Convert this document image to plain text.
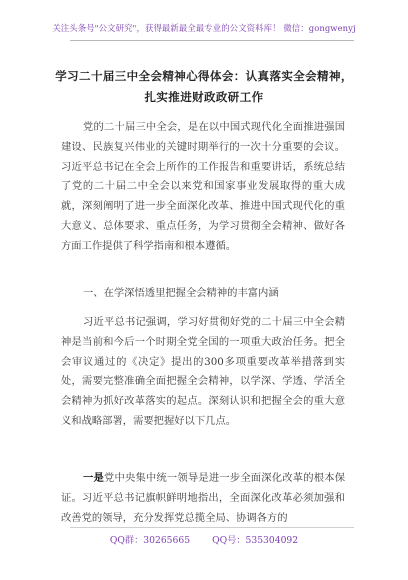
关注头条号"公文研究"，获得最新最全最专业的公文资料库！ 微信：gongwenyj
学习二十届三中全会精神心得体会：认真落实全会精神，
扎实推进财政政研工作
党的二十届三中全会，是在以中国式现代化全面推进强国建设、民族复兴伟业的关键时期举行的一次十分重要的会议。习近平总书记在全会上所作的工作报告和重要讲话，系统总结了党的二十届二中全会以来党和国家事业发展取得的重大成就，深刻阐明了进一步全面深化改革、推进中国式现代化的重大意义、总体要求、重点任务，为学习贯彻全会精神、做好各方面工作提供了科学指南和根本遵循。
一、在学深悟透里把握全会精神的丰富内涵
习近平总书记强调，学习好贯彻好党的二十届三中全会精神是当前和今后一个时期全党全国的一项重大政治任务。把全会审议通过的《决定》提出的300多项重要改革举措落到实处，需要完整准确全面把握全会精神，以学深、学透、学活全会精神为抓好改革落实的起点。深刻认识和把握全会的重大意义和战略部署，需要把握好以下几点。
一是党中央集中统一领导是进一步全面深化改革的根本保证。习近平总书记旗帜鲜明地指出，全面深化改革必须加强和改善党的领导，充分发挥党总揽全局、协调各方的
QQ群：30265665 QQ号：535304092
